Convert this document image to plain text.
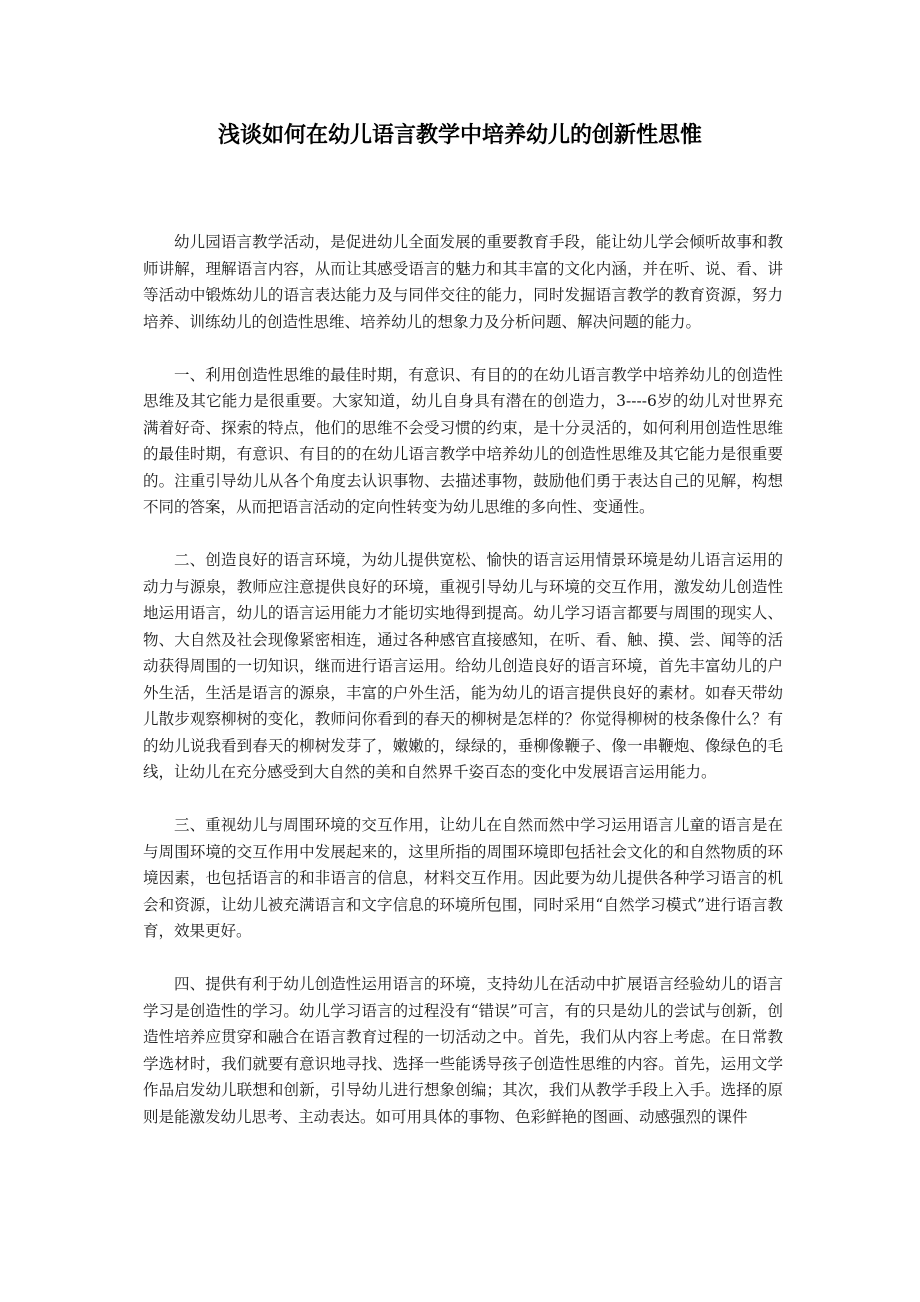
浅谈如何在幼儿语言教学中培养幼儿的创新性思惟

幼儿园语言教学活动，是促进幼儿全面发展的重要教育手段，能让幼儿学会倾听故事和教师讲解，理解语言内容，从而让其感受语言的魅力和其丰富的文化内涵，并在听、说、看、讲等活动中锻炼幼儿的语言表达能力及与同伴交往的能力，同时发掘语言教学的教育资源，努力培养、训练幼儿的创造性思维、培养幼儿的想象力及分析问题、解决问题的能力。

一、利用创造性思维的最佳时期，有意识、有目的的在幼儿语言教学中培养幼儿的创造性思维及其它能力是很重要。大家知道，幼儿自身具有潜在的创造力，3----6岁的幼儿对世界充满着好奇、探索的特点，他们的思维不会受习惯的约束，是十分灵活的，如何利用创造性思维的最佳时期，有意识、有目的的在幼儿语言教学中培养幼儿的创造性思维及其它能力是很重要的。注重引导幼儿从各个角度去认识事物、去描述事物，鼓励他们勇于表达自己的见解，构想不同的答案，从而把语言活动的定向性转变为幼儿思维的多向性、变通性。

二、创造良好的语言环境，为幼儿提供宽松、愉快的语言运用情景环境是幼儿语言运用的动力与源泉，教师应注意提供良好的环境，重视引导幼儿与环境的交互作用，激发幼儿创造性地运用语言，幼儿的语言运用能力才能切实地得到提高。幼儿学习语言都要与周围的现实人、物、大自然及社会现像紧密相连，通过各种感官直接感知，在听、看、触、摸、尝、闻等的活动获得周围的一切知识，继而进行语言运用。给幼儿创造良好的语言环境，首先丰富幼儿的户外生活，生活是语言的源泉，丰富的户外生活，能为幼儿的语言提供良好的素材。如春天带幼儿散步观察柳树的变化，教师问你看到的春天的柳树是怎样的？你觉得柳树的枝条像什么？有的幼儿说我看到春天的柳树发芽了，嫩嫩的，绿绿的，垂柳像鞭子、像一串鞭炮、像绿色的毛线，让幼儿在充分感受到大自然的美和自然界千姿百态的变化中发展语言运用能力。

三、重视幼儿与周围环境的交互作用，让幼儿在自然而然中学习运用语言儿童的语言是在与周围环境的交互作用中发展起来的，这里所指的周围环境即包括社会文化的和自然物质的环境因素，也包括语言的和非语言的信息，材料交互作用。因此要为幼儿提供各种学习语言的机会和资源，让幼儿被充满语言和文字信息的环境所包围，同时采用“自然学习模式”进行语言教育，效果更好。

四、提供有利于幼儿创造性运用语言的环境，支持幼儿在活动中扩展语言经验幼儿的语言学习是创造性的学习。幼儿学习语言的过程没有“错误”可言，有的只是幼儿的尝试与创新，创造性培养应贯穿和融合在语言教育过程的一切活动之中。首先，我们从内容上考虑。在日常教学选材时，我们就要有意识地寻找、选择一些能诱导孩子创造性思维的内容。首先，运用文学作品启发幼儿联想和创新，引导幼儿进行想象创编；其次，我们从教学手段上入手。选择的原则是能激发幼儿思考、主动表达。如可用具体的事物、色彩鲜艳的图画、动感强烈的课件
